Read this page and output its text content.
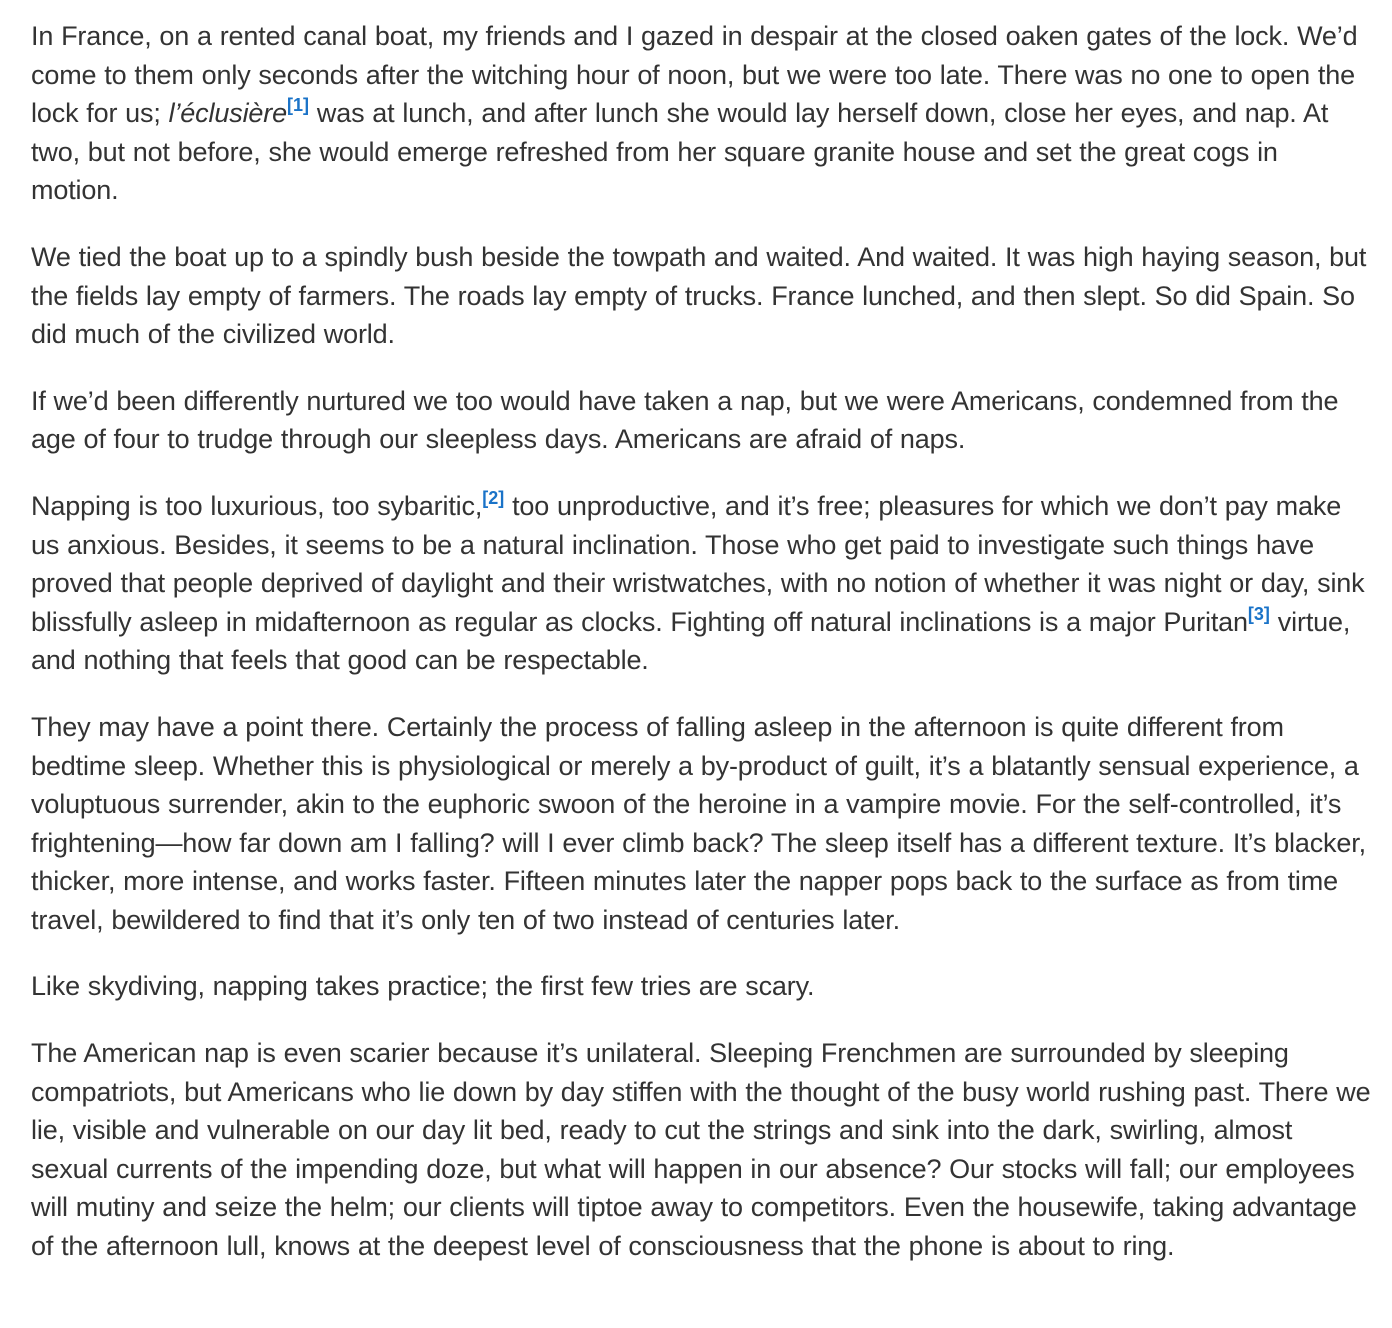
In France, on a rented canal boat, my friends and I gazed in despair at the closed oaken gates of the lock. We’d come to them only seconds after the witching hour of noon, but we were too late. There was no one to open the lock for us; l’éclusière[1] was at lunch, and after lunch she would lay herself down, close her eyes, and nap. At two, but not before, she would emerge refreshed from her square granite house and set the great cogs in motion.

We tied the boat up to a spindly bush beside the towpath and waited. And waited. It was high haying season, but the fields lay empty of farmers. The roads lay empty of trucks. France lunched, and then slept. So did Spain. So did much of the civilized world.

If we’d been differently nurtured we too would have taken a nap, but we were Americans, condemned from the age of four to trudge through our sleepless days. Americans are afraid of naps.

Napping is too luxurious, too sybaritic,[2] too unproductive, and it’s free; pleasures for which we don’t pay make us anxious. Besides, it seems to be a natural inclination. Those who get paid to investigate such things have proved that people deprived of daylight and their wristwatches, with no notion of whether it was night or day, sink blissfully asleep in midafternoon as regular as clocks. Fighting off natural inclinations is a major Puritan[3] virtue, and nothing that feels that good can be respectable.

They may have a point there. Certainly the process of falling asleep in the afternoon is quite different from bedtime sleep. Whether this is physiological or merely a by-product of guilt, it’s a blatantly sensual experience, a voluptuous surrender, akin to the euphoric swoon of the heroine in a vampire movie. For the self-controlled, it’s frightening—how far down am I falling? will I ever climb back? The sleep itself has a different texture. It’s blacker, thicker, more intense, and works faster. Fifteen minutes later the napper pops back to the surface as from time travel, bewildered to find that it’s only ten of two instead of centuries later.

Like skydiving, napping takes practice; the first few tries are scary.

The American nap is even scarier because it’s unilateral. Sleeping Frenchmen are surrounded by sleeping compatriots, but Americans who lie down by day stiffen with the thought of the busy world rushing past. There we lie, visible and vulnerable on our day lit bed, ready to cut the strings and sink into the dark, swirling, almost sexual currents of the impending doze, but what will happen in our absence? Our stocks will fall; our employees will mutiny and seize the helm; our clients will tiptoe away to competitors. Even the housewife, taking advantage of the afternoon lull, knows at the deepest level of consciousness that the phone is about to ring.
